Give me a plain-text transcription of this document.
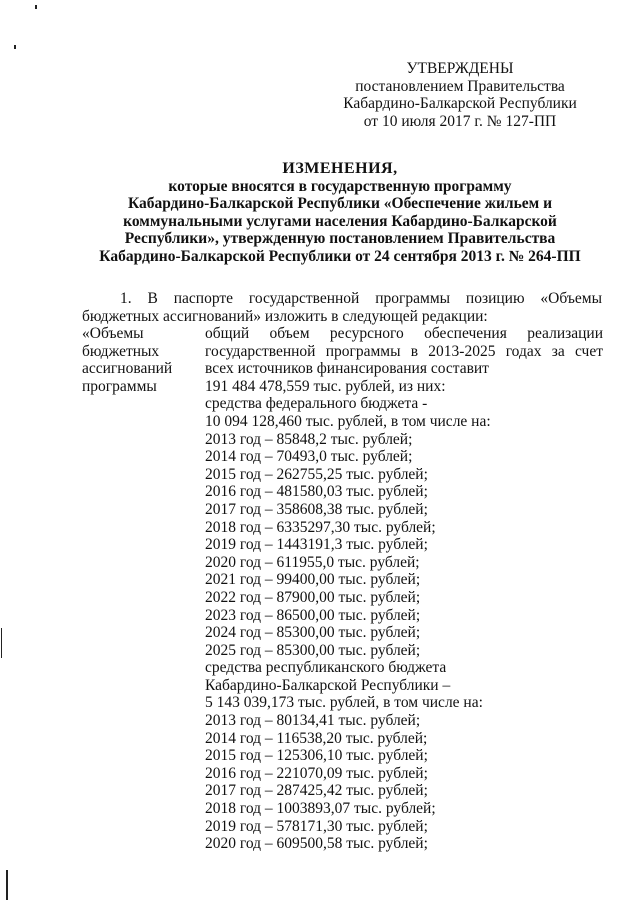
УТВЕРЖДЕНЫ
постановлением Правительства
Кабардино-Балкарской Республики
от 10 июля 2017 г. № 127-ПП
ИЗМЕНЕНИЯ,
которые вносятся в государственную программу
Кабардино-Балкарской Республики «Обеспечение жильем и
коммунальными услугами населения Кабардино-Балкарской
Республики», утвержденную постановлением Правительства
Кабардино-Балкарской Республики от 24 сентября 2013 г. № 264-ПП
1. В паспорте государственной программы позицию «Объемы
бюджетных ассигнований» изложить в следующей редакции:
«Объемы
бюджетных
ассигнований
программы
общий объем ресурсного обеспечения реализации
государственной программы в 2013-2025 годах за счет
всех источников финансирования составит
191 484 478,559 тыс. рублей, из них:
средства федерального бюджета -
10 094 128,460 тыс. рублей, в том числе на:
2013 год – 85848,2 тыс. рублей;
2014 год – 70493,0 тыс. рублей;
2015 год – 262755,25 тыс. рублей;
2016 год – 481580,03 тыс. рублей;
2017 год – 358608,38 тыс. рублей;
2018 год – 6335297,30 тыс. рублей;
2019 год – 1443191,3 тыс. рублей;
2020 год – 611955,0 тыс. рублей;
2021 год – 99400,00 тыс. рублей;
2022 год – 87900,00 тыс. рублей;
2023 год – 86500,00 тыс. рублей;
2024 год – 85300,00 тыс. рублей;
2025 год – 85300,00 тыс. рублей;
средства республиканского бюджета
Кабардино-Балкарской Республики –
5 143 039,173 тыс. рублей, в том числе на:
2013 год – 80134,41 тыс. рублей;
2014 год – 116538,20 тыс. рублей;
2015 год – 125306,10 тыс. рублей;
2016 год – 221070,09 тыс. рублей;
2017 год – 287425,42 тыс. рублей;
2018 год – 1003893,07 тыс. рублей;
2019 год – 578171,30 тыс. рублей;
2020 год – 609500,58 тыс. рублей;
